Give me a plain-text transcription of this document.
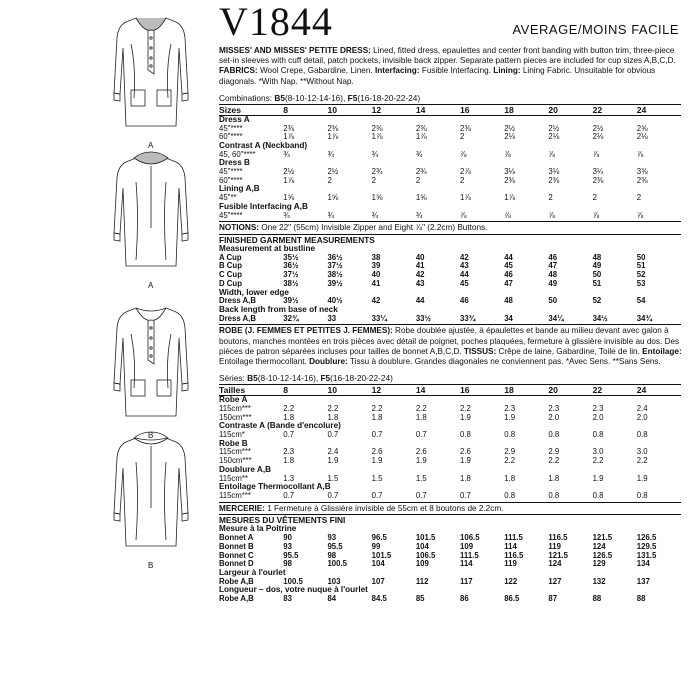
A
A
B
B
V1844	AVERAGE/MOINS FACILE

MISSES' AND MISSES' PETITE DRESS: Lined, fitted dress, epaulettes and center front banding with button trim, three-piece set-in sleeves with cuff detail, patch pockets, invisible back zipper. Separate pattern pieces are included for cup sizes A,B,C,D. FABRICS: Wool Crepe, Gabardine, Linen. Interfacing: Fusible Interfacing. Lining: Lining Fabric. Unsuitable for obvious diagonals. *With Nap. **Without Nap.

Combinations: B5(8-10-12-14-16), F5(16-18-20-22-24)
Sizes	8	10	12	14	16	18	20	22	24
Dress A									
45"****	2⅜	2⅜	2⅜	2⅜	2⅜	2½	2½	2½	2⅝
60"****	1⅞	1⅞	1⅞	1⅞	2	2⅛	2⅛	2⅛	2⅛
Contrast A (Neckband)									
45, 60"****	¾	¾	¾	¾	⅞	⅞	⅞	⅞	⅞
Dress B									
45"****	2½	2½	2¾	2¾	2⅞	3⅛	3⅛	3¼	3⅜
60"****	1⅞	2	2	2	2	2⅜	2⅜	2⅜	2⅜
Lining A,B									
45"**	1⅝	1⅝	1⅝	1⅝	1⅞	1⅞	2	2	2
Fusible Interfacing A,B									
45"****	¾	¾	¾	¾	⅞	⅞	⅞	⅞	⅞
NOTIONS: One 22" (55cm) Invisible Zipper and Eight ⅞" (2.2cm) Buttons.
FINISHED GARMENT MEASUREMENTS
Measurement at bustline									
A Cup	35½	36½	38	40	42	44	46	48	50
B Cup	36½	37½	39	41	43	45	47	49	51
C Cup	37½	38½	40	42	44	46	48	50	52
D Cup	38½	39½	41	43	45	47	49	51	53
Width, lower edge									
Dress A,B	39½	40½	42	44	46	48	50	52	54
Back length from base of neck									
Dress A,B	32¾	33	33¼	33½	33¾	34	34¼	34½	34¾

ROBE (J. FEMMES ET PETITES J. FEMMES): Robe doublée ajustée, à épaulettes et bande au milieu devant avec galon à boutons, manches montées en trois pièces avec détail de poignet, poches plaquées, fermeture à glissière invisible au dos. Des pièces de patron séparées incluses pour tailles de bonnet A,B,C,D. TISSUS: Crêpe de laine, Gabardine, Toile de lin. Entoilage: Entoilage thermocollant. Doublure: Tissu à doublure. Grandes diagonales ne conviennent pas. *Avec Sens. **Sans Sens.

Séries: B5(8-10-12-14-16), F5(16-18-20-22-24)
Tailles	8	10	12	14	16	18	20	22	24
Robe A									
115cm***	2.2	2.2	2.2	2.2	2.2	2.3	2.3	2.3	2.4
150cm***	1.8	1.8	1.8	1.8	1.9	1.9	2.0	2.0	2.0
Contraste A (Bande d'encolure)									
115cm*	0.7	0.7	0.7	0.7	0.8	0.8	0.8	0.8	0.8
Robe B									
115cm***	2.3	2.4	2.6	2.6	2.6	2.9	2.9	3.0	3.0
150cm***	1.8	1.9	1.9	1.9	1.9	2.2	2.2	2.2	2.2
Doublure A,B									
115cm**	1.3	1.5	1.5	1.5	1.8	1.8	1.8	1.9	1.9
Entoilage Thermocollant A,B									
115cm***	0.7	0.7	0.7	0.7	0.7	0.8	0.8	0.8	0.8
MERCERIE: 1 Fermeture à Glissière invisible de 55cm et 8 boutons de 2.2cm.
MESURES DU VÊTEMENTS FINI
Mesure à la Poitrine									
Bonnet A	90	93	96.5	101.5	106.5	111.5	116.5	121.5	126.5
Bonnet B	93	95.5	99	104	109	114	119	124	129.5
Bonnet C	95.5	98	101.5	106.5	111.5	116.5	121.5	126.5	131.5
Bonnet D	98	100.5	104	109	114	119	124	129	134
Largeur à l'ourlet									
Robe A,B	100.5	103	107	112	117	122	127	132	137
Longueur – dos, votre nuque à l'ourlet									
Robe A,B	83	84	84.5	85	86	86.5	87	88	88
